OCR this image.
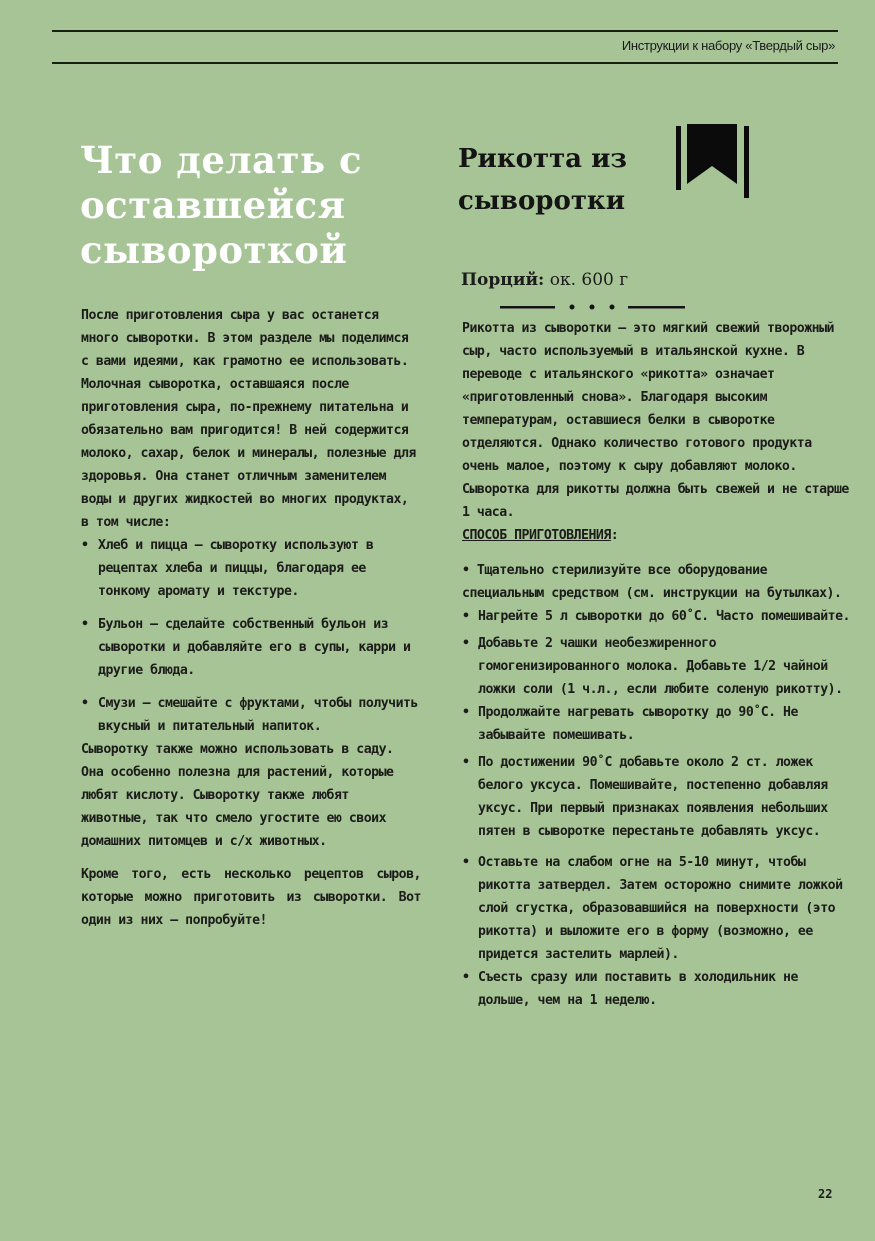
Инструкции к набору «Твердый сыр»
Что делать с
оставшейся
сывороткой

После приготовления сыра у вас останется много сыворотки. В этом разделе мы поделимся с вами идеями, как грамотно ее использовать. Молочная сыворотка, оставшаяся после приготовления сыра, по-прежнему питательна и обязательно вам пригодится! В ней содержится молоко, сахар, белок и минералы, полезные для здоровья. Она станет отличным заменителем воды и других жидкостей во многих продуктах, в том числе:

• Хлеб и пицца – сыворотку используют в рецептах хлеба и пиццы, благодаря ее тонкому аромату и текстуре.
• Бульон – сделайте собственный бульон из сыворотки и добавляйте его в супы, карри и другие блюда.
• Смузи – смешайте с фруктами, чтобы получить вкусный и питательный напиток.

Сыворотку также можно использовать в саду. Она особенно полезна для растений, которые любят кислоту. Сыворотку также любят животные, так что смело угостите ею своих домашних питомцев и с/х животных.

Кроме того, есть несколько рецептов сыров, которые можно приготовить из сыворотки. Вот один из них – попробуйте!

Рикотта из
сыворотки
Порций: ок. 600 г

Рикотта из сыворотки – это мягкий свежий творожный сыр, часто используемый в итальянской кухне. В переводе с итальянского «рикотта» означает «приготовленный снова». Благодаря высоким температурам, оставшиеся белки в сыворотке отделяются. Однако количество готового продукта очень малое, поэтому к сыру добавляют молоко. Сыворотка для рикотты должна быть свежей и не старше 1 часа.

СПОСОБ ПРИГОТОВЛЕНИЯ:

• Тщательно стерилизуйте все оборудование специальным средством (см. инструкции на бутылках).
• Нагрейте 5 л сыворотки до 60˚С. Часто помешивайте.
• Добавьте 2 чашки необезжиренного гомогенизированного молока. Добавьте 1/2 чайной ложки соли (1 ч.л., если любите соленую рикотту).
• Продолжайте нагревать сыворотку до 90˚С. Не забывайте помешивать.
• По достижении 90˚С добавьте около 2 ст. ложек белого уксуса. Помешивайте, постепенно добавляя уксус. При первый признаках появления небольших пятен в сыворотке перестаньте добавлять уксус.
• Оставьте на слабом огне на 5-10 минут, чтобы рикотта затвердел. Затем осторожно снимите ложкой слой сгустка, образовавшийся на поверхности (это рикотта) и выложите его в форму (возможно, ее придется застелить марлей).
• Съесть сразу или поставить в холодильник не дольше, чем на 1 неделю.
22
